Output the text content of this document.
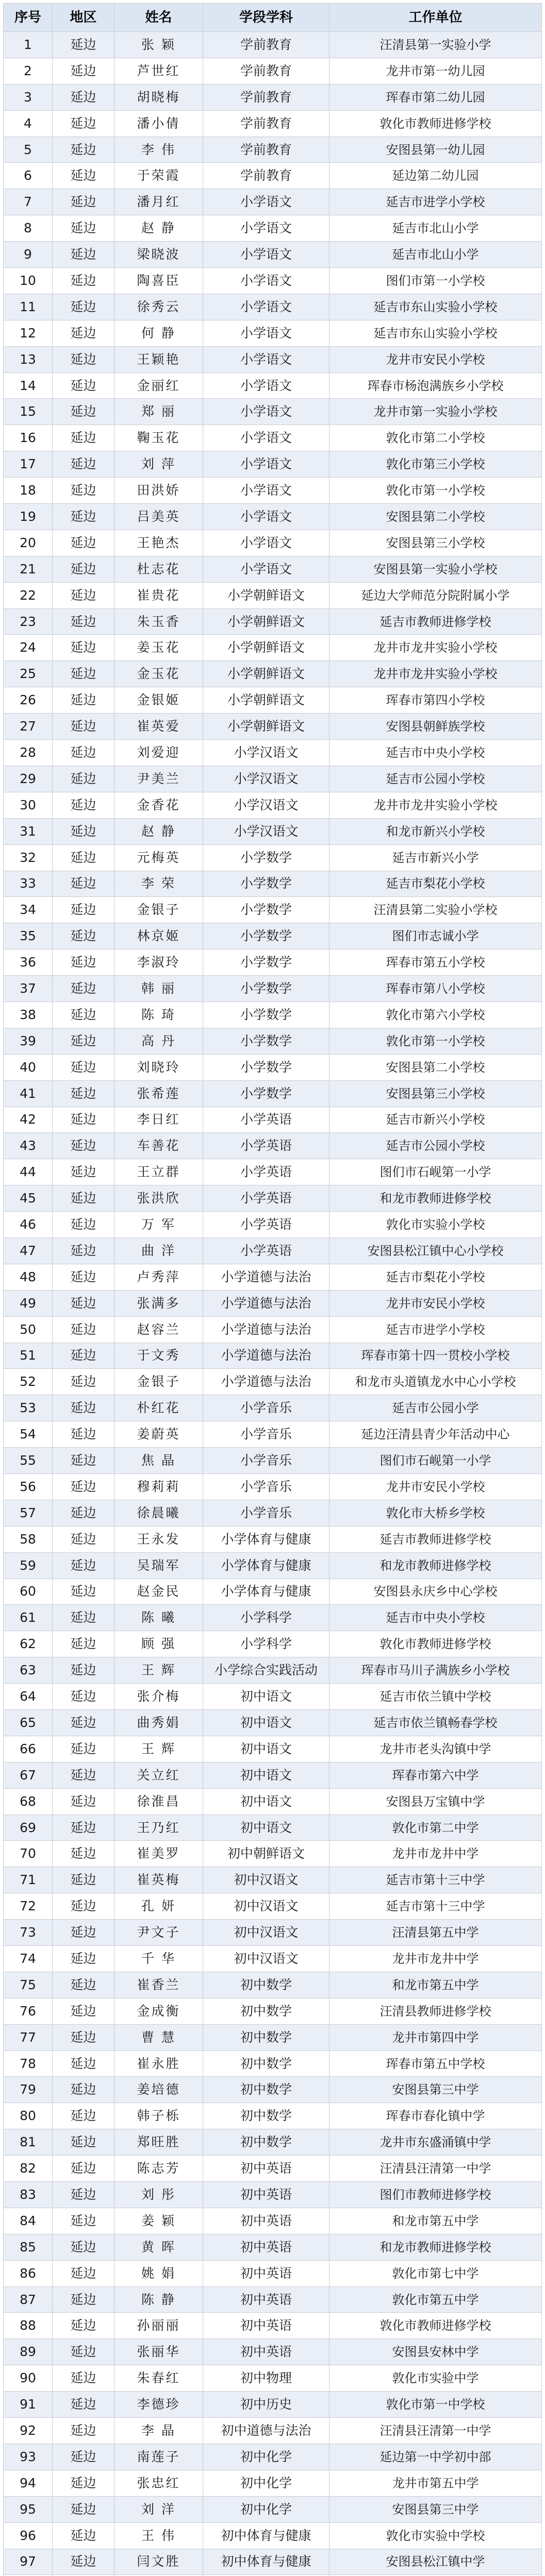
序号	地区	姓名	学段学科	工作单位
1	延边	张 颖	学前教育	汪清县第一实验小学
2	延边	芦世红	学前教育	龙井市第一幼儿园
3	延边	胡晓梅	学前教育	珲春市第二幼儿园
4	延边	潘小倩	学前教育	敦化市教师进修学校
5	延边	李 伟	学前教育	安图县第一幼儿园
6	延边	于荣霞	学前教育	延边第二幼儿园
7	延边	潘月红	小学语文	延吉市进学小学校
8	延边	赵 静	小学语文	延吉市北山小学
9	延边	梁晓波	小学语文	延吉市北山小学
10	延边	陶喜臣	小学语文	图们市第一小学校
11	延边	徐秀云	小学语文	延吉市东山实验小学校
12	延边	何 静	小学语文	延吉市东山实验小学校
13	延边	王颖艳	小学语文	龙井市安民小学校
14	延边	金丽红	小学语文	珲春市杨泡满族乡小学校
15	延边	郑 丽	小学语文	龙井市第一实验小学校
16	延边	鞠玉花	小学语文	敦化市第二小学校
17	延边	刘 萍	小学语文	敦化市第三小学校
18	延边	田洪娇	小学语文	敦化市第一小学校
19	延边	吕美英	小学语文	安图县第二小学校
20	延边	王艳杰	小学语文	安图县第三小学校
21	延边	杜志花	小学语文	安图县第一实验小学校
22	延边	崔贵花	小学朝鲜语文	延边大学师范分院附属小学
23	延边	朱玉香	小学朝鲜语文	延吉市教师进修学校
24	延边	姜玉花	小学朝鲜语文	龙井市龙井实验小学校
25	延边	金玉花	小学朝鲜语文	龙井市龙井实验小学校
26	延边	金银姬	小学朝鲜语文	珲春市第四小学校
27	延边	崔英爱	小学朝鲜语文	安图县朝鲜族学校
28	延边	刘爱迎	小学汉语文	延吉市中央小学校
29	延边	尹美兰	小学汉语文	延吉市公园小学校
30	延边	金香花	小学汉语文	龙井市龙井实验小学校
31	延边	赵 静	小学汉语文	和龙市新兴小学校
32	延边	元梅英	小学数学	延吉市新兴小学
33	延边	李 荣	小学数学	延吉市梨花小学校
34	延边	金银子	小学数学	汪清县第二实验小学校
35	延边	林京姬	小学数学	图们市志诚小学
36	延边	李淑玲	小学数学	珲春市第五小学校
37	延边	韩 丽	小学数学	珲春市第八小学校
38	延边	陈 琦	小学数学	敦化市第六小学校
39	延边	高 丹	小学数学	敦化市第一小学校
40	延边	刘晓玲	小学数学	安图县第二小学校
41	延边	张希莲	小学数学	安图县第三小学校
42	延边	李日红	小学英语	延吉市新兴小学校
43	延边	车善花	小学英语	延吉市公园小学校
44	延边	王立群	小学英语	图们市石岘第一小学
45	延边	张洪欣	小学英语	和龙市教师进修学校
46	延边	万 军	小学英语	敦化市实验小学校
47	延边	曲 洋	小学英语	安图县松江镇中心小学校
48	延边	卢秀萍	小学道德与法治	延吉市梨花小学校
49	延边	张满多	小学道德与法治	龙井市安民小学校
50	延边	赵容兰	小学道德与法治	延吉市进学小学校
51	延边	于文秀	小学道德与法治	珲春市第十四一贯校小学校
52	延边	金银子	小学道德与法治	和龙市头道镇龙水中心小学校
53	延边	朴红花	小学音乐	延吉市公园小学
54	延边	姜蔚英	小学音乐	延边汪清县青少年活动中心
55	延边	焦 晶	小学音乐	图们市石岘第一小学
56	延边	穆莉莉	小学音乐	龙井市安民小学校
57	延边	徐晨曦	小学音乐	敦化市大桥乡学校
58	延边	王永发	小学体育与健康	延吉市教师进修学校
59	延边	吴瑞军	小学体育与健康	和龙市教师进修学校
60	延边	赵金民	小学体育与健康	安图县永庆乡中心学校
61	延边	陈 曦	小学科学	延吉市中央小学校
62	延边	顾 强	小学科学	敦化市教师进修学校
63	延边	王 辉	小学综合实践活动	珲春市马川子满族乡小学校
64	延边	张介梅	初中语文	延吉市依兰镇中学校
65	延边	曲秀娟	初中语文	延吉市依兰镇畅春学校
66	延边	王 辉	初中语文	龙井市老头沟镇中学
67	延边	关立红	初中语文	珲春市第六中学
68	延边	徐淮昌	初中语文	安图县万宝镇中学
69	延边	王乃红	初中语文	敦化市第二中学
70	延边	崔美罗	初中朝鲜语文	龙井市龙井中学
71	延边	崔英梅	初中汉语文	延吉市第十三中学
72	延边	孔 妍	初中汉语文	延吉市第十三中学
73	延边	尹文子	初中汉语文	汪清县第五中学
74	延边	千 华	初中汉语文	龙井市龙井中学
75	延边	崔香兰	初中数学	和龙市第五中学
76	延边	金成衡	初中数学	汪清县教师进修学校
77	延边	曹 慧	初中数学	龙井市第四中学
78	延边	崔永胜	初中数学	珲春市第五中学校
79	延边	姜培德	初中数学	安图县第三中学
80	延边	韩子栎	初中数学	珲春市春化镇中学
81	延边	郑旺胜	初中数学	龙井市东盛涌镇中学
82	延边	陈志芳	初中英语	汪清县汪清第一中学
83	延边	刘 彤	初中英语	图们市教师进修学校
84	延边	姜 颖	初中英语	和龙市第五中学
85	延边	黄 晖	初中英语	和龙市教师进修学校
86	延边	姚 娟	初中英语	敦化市第七中学
87	延边	陈 静	初中英语	敦化市第五中学
88	延边	孙丽丽	初中英语	敦化市教师进修学校
89	延边	张丽华	初中英语	安图县安林中学
90	延边	朱春红	初中物理	敦化市实验中学
91	延边	李德珍	初中历史	敦化市第一中学校
92	延边	李 晶	初中道德与法治	汪清县汪清第一中学
93	延边	南莲子	初中化学	延边第一中学初中部
94	延边	张忠红	初中化学	龙井市第五中学
95	延边	刘 洋	初中化学	安图县第三中学
96	延边	王 伟	初中体育与健康	敦化市实验中学校
97	延边	闫文胜	初中体育与健康	安图县松江镇中学
